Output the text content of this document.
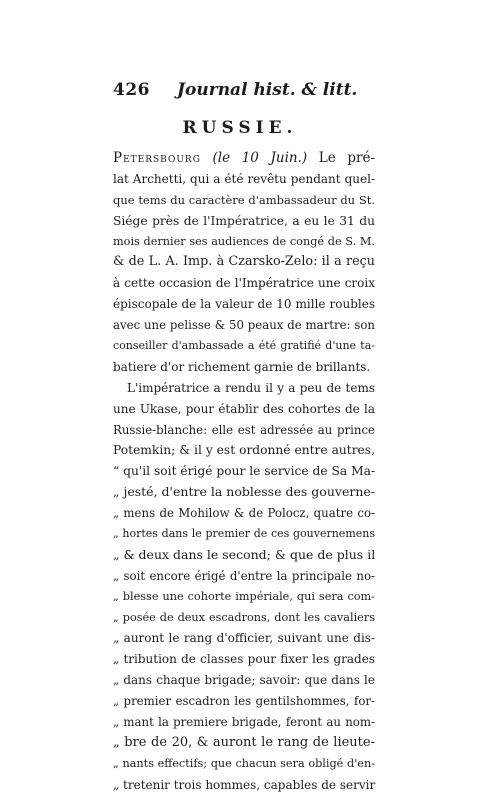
426 Journal hist. & litt.
RUSSIE.
Petersbourg (le 10 Juin.) Le pré-
lat Archetti, qui a été revêtu pendant quel-
que tems du caractère d'ambassadeur du St.
Siége près de l'Impératrice, a eu le 31 du
mois dernier ses audiences de congé de S. M.
& de L. A. Imp. à Czarsko-Zelo: il a reçu
à cette occasion de l'Impératrice une croix
épiscopale de la valeur de 10 mille roubles
avec une pelisse & 50 peaux de martre: son
conseiller d'ambassade a été gratifié d'une ta-
batiere d'or richement garnie de brillants.
L'impératrice a rendu il y a peu de tems
une Ukase, pour établir des cohortes de la
Russie-blanche: elle est adressée au prince
Potemkin; & il y est ordonné entre autres,
“ qu'il soit érigé pour le service de Sa Ma-
„ jesté, d'entre la noblesse des gouverne-
„ mens de Mohilow & de Polocz, quatre co-
„ hortes dans le premier de ces gouvernemens
„ & deux dans le second; & que de plus il
„ soit encore érigé d'entre la principale no-
„ blesse une cohorte impériale, qui sera com-
„ posée de deux escadrons, dont les cavaliers
„ auront le rang d'officier, suivant une dis-
„ tribution de classes pour fixer les grades
„ dans chaque brigade; savoir: que dans le
„ premier escadron les gentilshommes, for-
„ mant la premiere brigade, feront au nom-
„ bre de 20, & auront le rang de lieute-
„ nants effectifs; que chacun sera obligé d'en-
„ tretenir trois hommes, capables de servir
